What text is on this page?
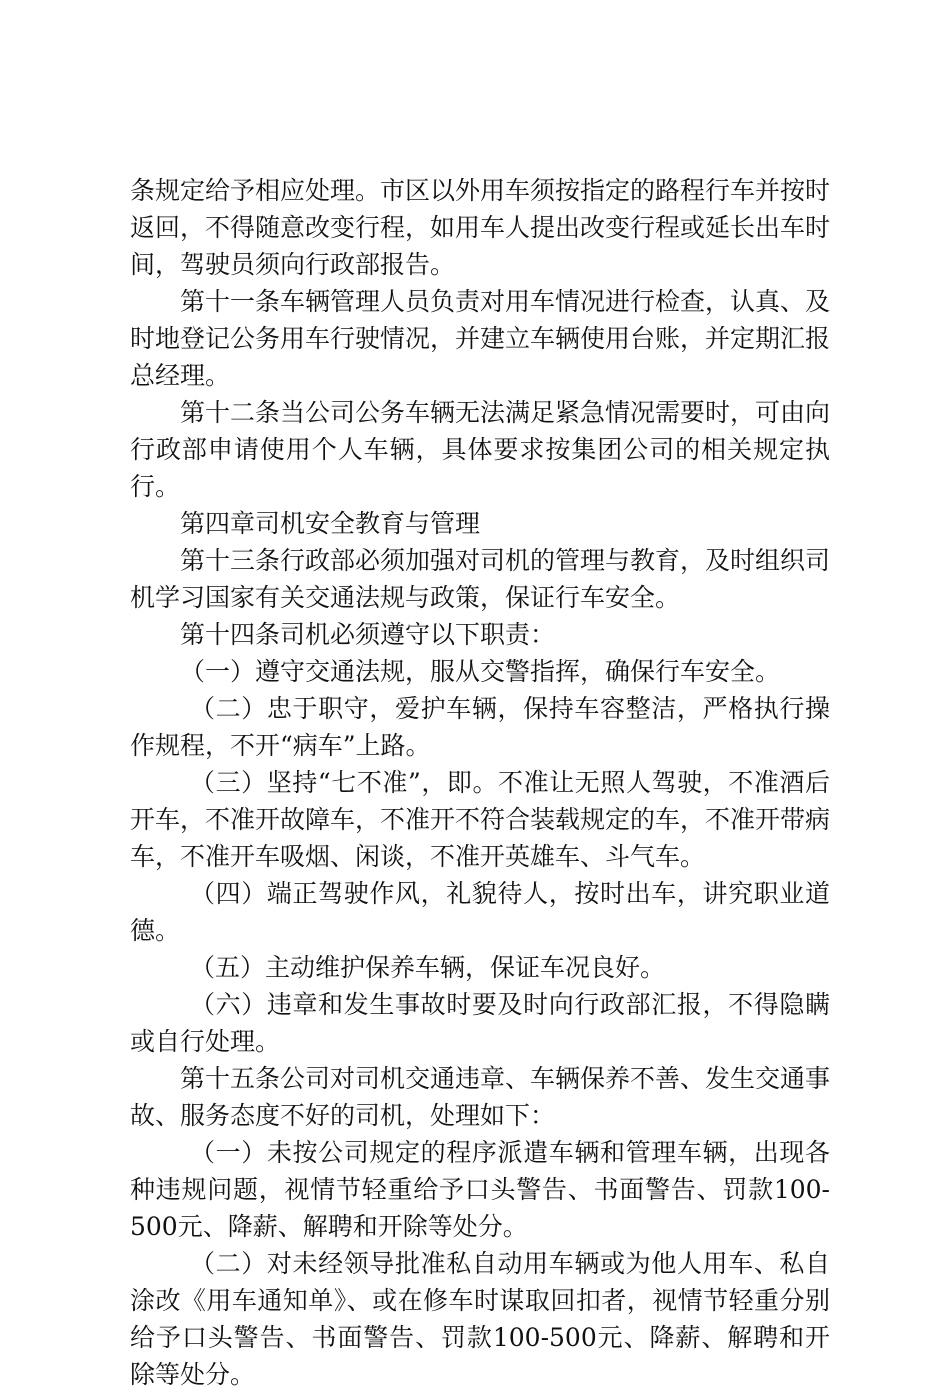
条规定给予相应处理。市区以外用车须按指定的路程行车并按时返回，不得随意改变行程，如用车人提出改变行程或延长出车时间，驾驶员须向行政部报告。

第十一条车辆管理人员负责对用车情况进行检查，认真、及时地登记公务用车行驶情况，并建立车辆使用台账，并定期汇报总经理。

第十二条当公司公务车辆无法满足紧急情况需要时，可由向行政部申请使用个人车辆，具体要求按集团公司的相关规定执行。

第四章司机安全教育与管理

第十三条行政部必须加强对司机的管理与教育，及时组织司机学习国家有关交通法规与政策，保证行车安全。

第十四条司机必须遵守以下职责：

（一）遵守交通法规，服从交警指挥，确保行车安全。

（二）忠于职守，爱护车辆，保持车容整洁，严格执行操作规程，不开“病车”上路。

（三）坚持“七不准”，即。不准让无照人驾驶，不准酒后开车，不准开故障车，不准开不符合装载规定的车，不准开带病车，不准开车吸烟、闲谈，不准开英雄车、斗气车。

（四）端正驾驶作风，礼貌待人，按时出车，讲究职业道德。

（五）主动维护保养车辆，保证车况良好。

（六）违章和发生事故时要及时向行政部汇报，不得隐瞒或自行处理。

第十五条公司对司机交通违章、车辆保养不善、发生交通事故、服务态度不好的司机，处理如下：

（一）未按公司规定的程序派遣车辆和管理车辆，出现各种违规问题，视情节轻重给予口头警告、书面警告、罚款100-500元、降薪、解聘和开除等处分。

（二）对未经领导批准私自动用车辆或为他人用车、私自涂改《用车通知单》、或在修车时谋取回扣者，视情节轻重分别给予口头警告、书面警告、罚款100-500元、降薪、解聘和开除等处分。
